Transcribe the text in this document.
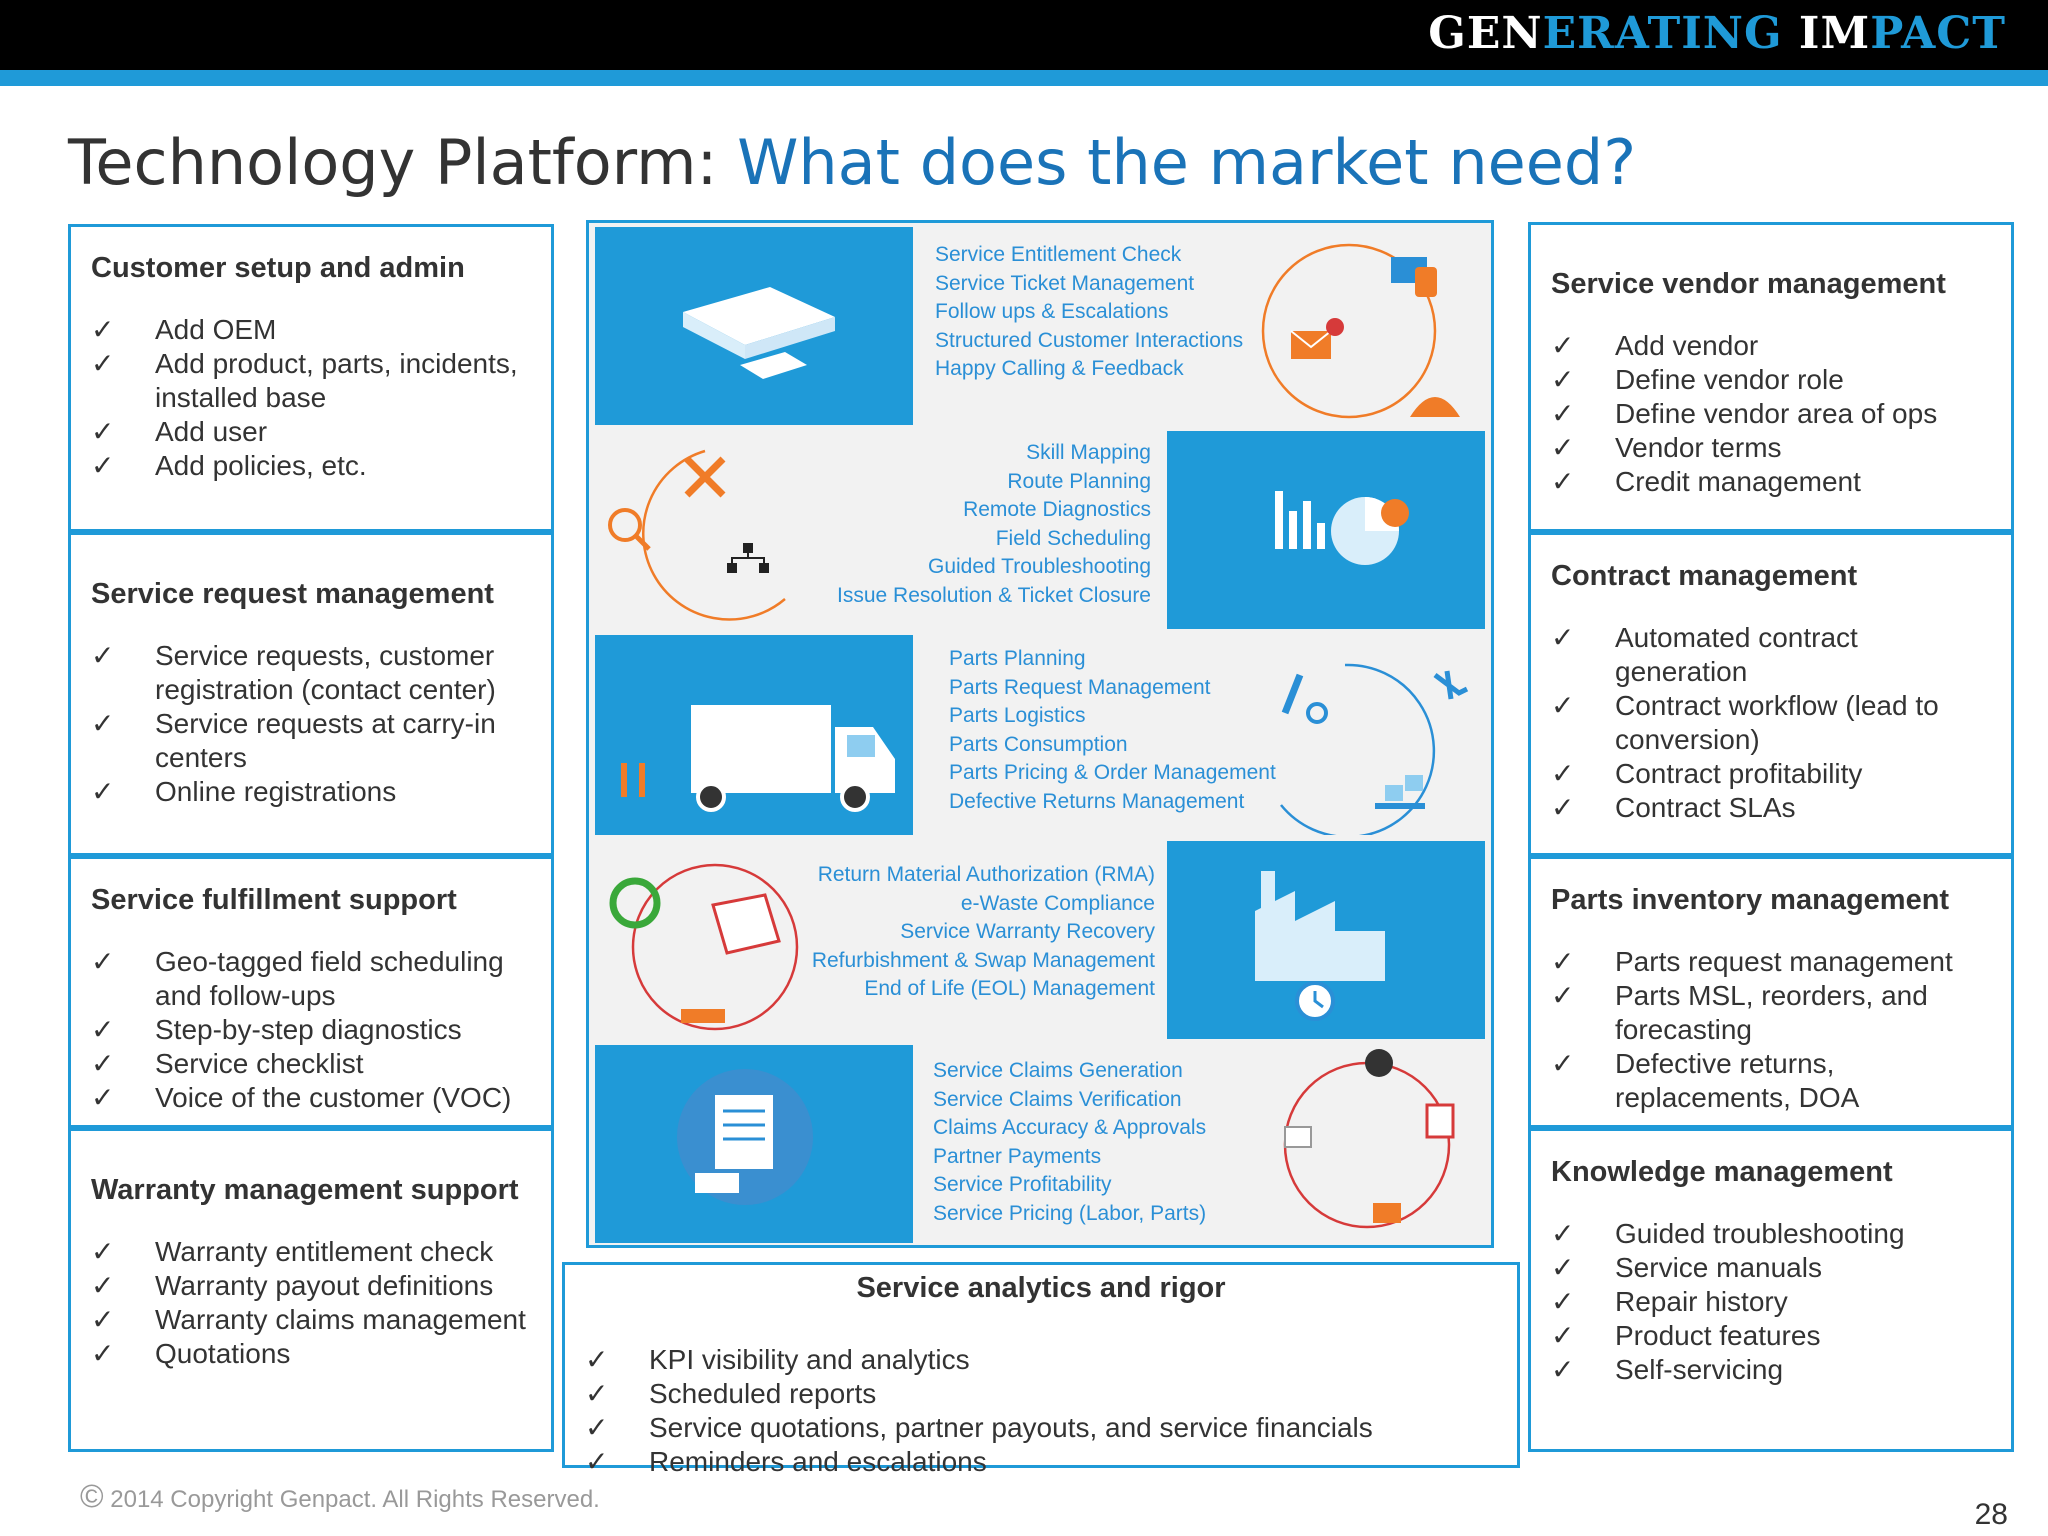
GENERATING IMPACT
Technology Platform: What does the market need?
Customer setup and admin
✓	Add OEM
✓	Add product, parts, incidents, installed base
✓	Add user
✓	Add policies, etc.
Service request management
✓	Service requests, customer registration (contact center)
✓	Service requests at carry-in centers
✓	Online registrations
Service fulfillment support
✓	Geo-tagged field scheduling and follow-ups
✓	Step-by-step diagnostics
✓	Service checklist
✓	Voice of the customer (VOC)
Warranty management support
✓	Warranty entitlement check
✓	Warranty payout definitions
✓	Warranty claims management
✓	Quotations
Service vendor management
✓	Add vendor
✓	Define vendor role
✓	Define vendor area of ops
✓	Vendor terms
✓	Credit management
Contract management
✓	Automated contract generation
✓	Contract workflow (lead to conversion)
✓	Contract profitability
✓	Contract SLAs
Parts inventory management
✓	Parts request management
✓	Parts MSL, reorders, and forecasting
✓	Defective returns, replacements, DOA
Knowledge management
✓	Guided troubleshooting
✓	Service manuals
✓	Repair history
✓	Product features
✓	Self-servicing
Service analytics and rigor
✓	KPI visibility and analytics
✓	Scheduled reports
✓	Service quotations, partner payouts, and service financials
✓	Reminders and escalations
Service Entitlement Check
Service Ticket Management
Follow ups & Escalations
Structured Customer Interactions
Happy Calling & Feedback
Skill Mapping
Route Planning
Remote Diagnostics
Field Scheduling
Guided Troubleshooting
Issue Resolution & Ticket Closure
Parts Planning
Parts Request Management
Parts Logistics
Parts Consumption
Parts Pricing & Order Management
Defective Returns Management
Return Material Authorization (RMA)
e-Waste Compliance
Service Warranty Recovery
Refurbishment & Swap Management
End of Life (EOL) Management
Service Claims Generation
Service Claims Verification
Claims Accuracy & Approvals
Partner Payments
Service Profitability
Service Pricing (Labor, Parts)
© 2014 Copyright Genpact. All Rights Reserved.	28
